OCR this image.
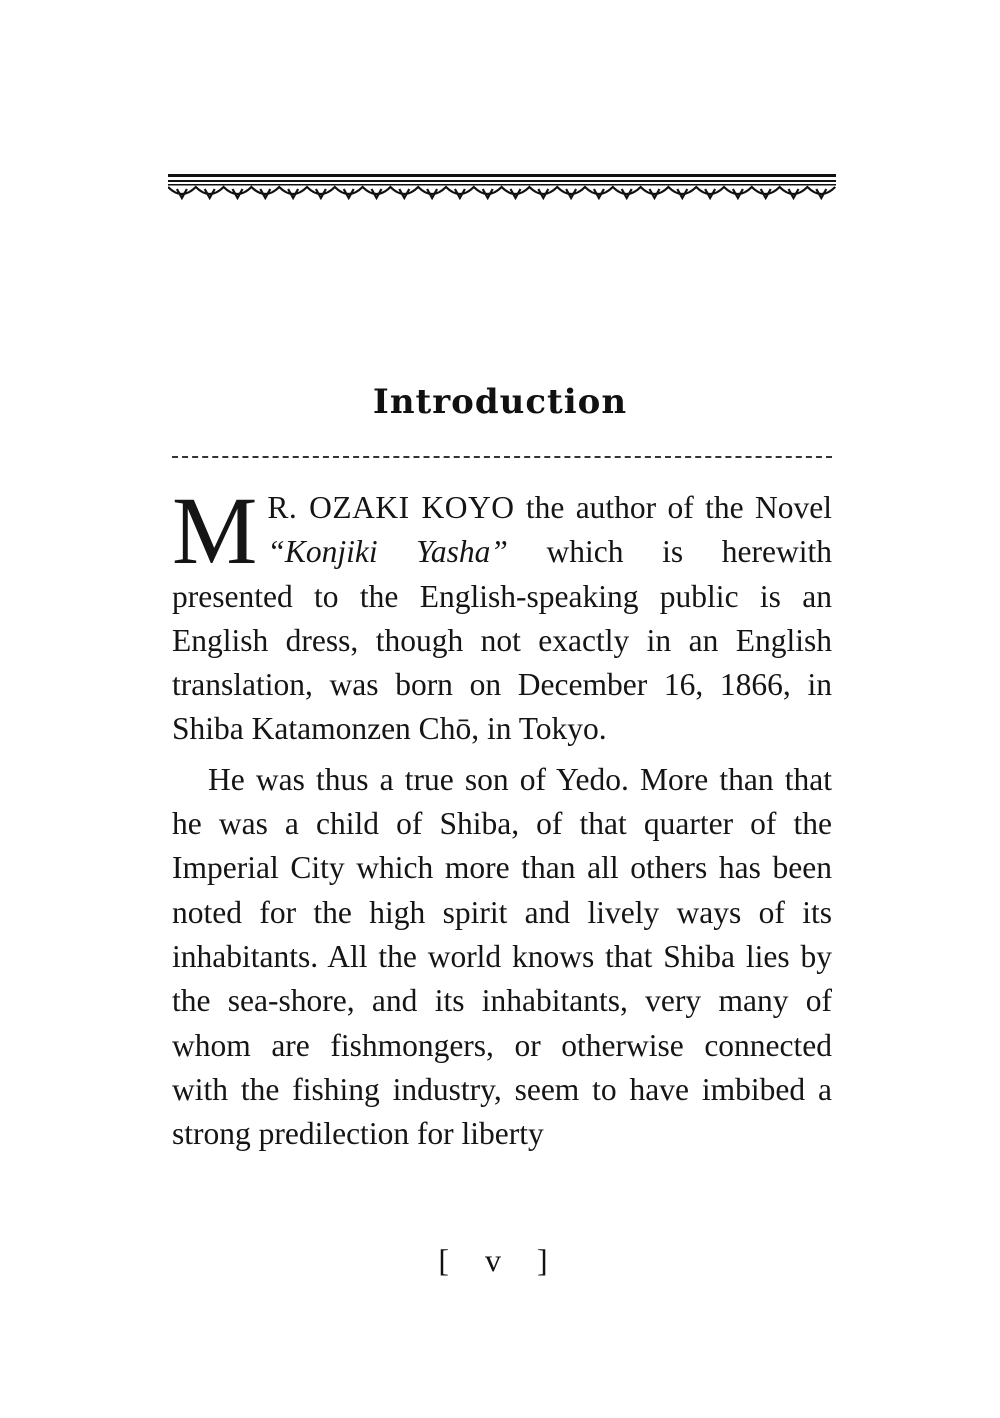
Introduction

M R. OZAKI KOYO the author of the Novel “Konjiki Yasha” which is herewith presented to the English-speaking public is an English dress, though not exactly in an English translation, was born on December 16, 1866, in Shiba Katamonzen Chō, in Tokyo.

He was thus a true son of Yedo. More than that he was a child of Shiba, of that quarter of the Imperial City which more than all others has been noted for the high spirit and lively ways of its inhabitants. All the world knows that Shiba lies by the sea-shore, and its inhabitants, very many of whom are fishmongers, or otherwise connected with the fishing industry, seem to have imbibed a strong predilection for liberty

[ v ]
